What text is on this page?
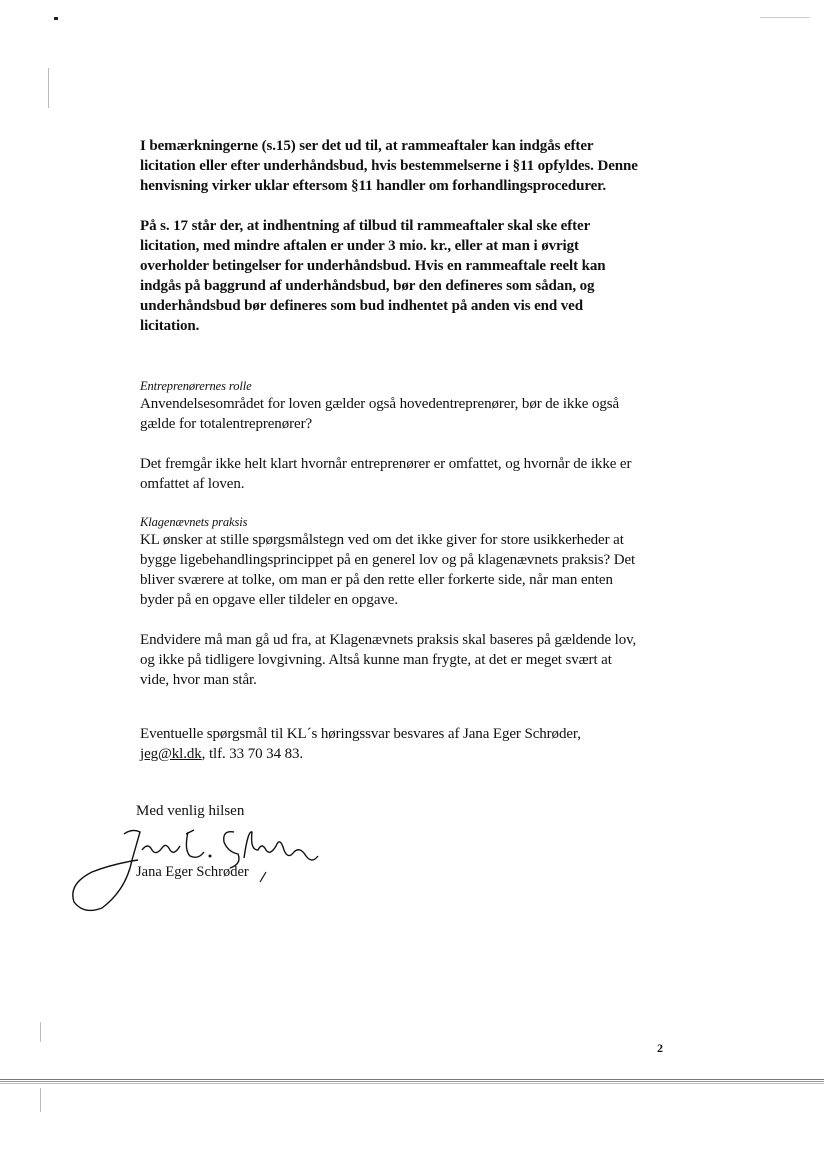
I bemærkningerne (s.15) ser det ud til, at rammeaftaler kan indgås efter licitation eller efter underhåndsbud, hvis bestemmelserne i §11 opfyldes. Denne henvisning virker uklar eftersom §11 handler om forhandlingsprocedurer.

På s. 17 står der, at indhentning af tilbud til rammeaftaler skal ske efter licitation, med mindre aftalen er under 3 mio. kr., eller at man i øvrigt overholder betingelser for underhåndsbud. Hvis en rammeaftale reelt kan indgås på baggrund af underhåndsbud, bør den defineres som sådan, og underhåndsbud bør defineres som bud indhentet på anden vis end ved licitation.

Entreprenørernes rolle

Anvendelsesområdet for loven gælder også hovedentreprenører, bør de ikke også gælde for totalentreprenører?

Det fremgår ikke helt klart hvornår entreprenører er omfattet, og hvornår de ikke er omfattet af loven.

Klagenævnets praksis

KL ønsker at stille spørgsmålstegn ved om det ikke giver for store usikkerheder at bygge ligebehandlingsprincippet på en generel lov og på klagenævnets praksis? Det bliver sværere at tolke, om man er på den rette eller forkerte side, når man enten byder på en opgave eller tildeler en opgave.

Endvidere må man gå ud fra, at Klagenævnets praksis skal baseres på gældende lov, og ikke på tidligere lovgivning. Altså kunne man frygte, at det er meget svært at vide, hvor man står.

Eventuelle spørgsmål til KL´s høringssvar besvares af Jana Eger Schrøder, jeg@kl.dk, tlf. 33 70 34 83.

Med venlig hilsen
Jana Eger Schrøder
2
